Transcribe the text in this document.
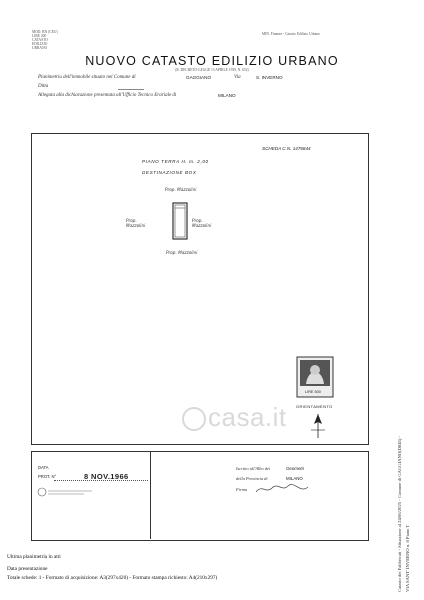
MOD. BN (CEU)
LIRE 200
CATASTO
EDILIZIO
URBANO
MIN. Finanze - Catasto Edilizio Urbano
NUOVO CATASTO EDILIZIO URBANO
(R. DECRETO-LEGGE 13 APRILE 1939, N. 652)
Planimetria dell'immobile situato nel Comune di	GAGGIANO	Via	S. INVERNO
Ditta
Allegata alla dichiarazione presentata all'Ufficio Tecnico Erariale di	MILANO
SCHEDA C.N. 1476844
PIANO TERRA H. m. 2,00
DESTINAZIONE BOX
Prop. Mazzolini
Prop. Mazzolini
Prop. Mazzolini
Prop. Mazzolini
LIRE 500
ORIENTAMENTO
casa.it
DATA
PROT. N°	8 NOV.1966
Iscritto all'Albo dei	Geometri
della Provincia di	MILANO
Firma
Ultima planimetria in atti
Data presentazione
Totale schede: 1 - Formato di acquisizione: A3(297x420) - Formato stampa richiesto: A4(210x297)	Catasto dei Fabbricati - Situazione al 24/06/2025 - Comune di GAGGIANO(D845) - VIA SANT' INVERNO n. 8 Piano T
